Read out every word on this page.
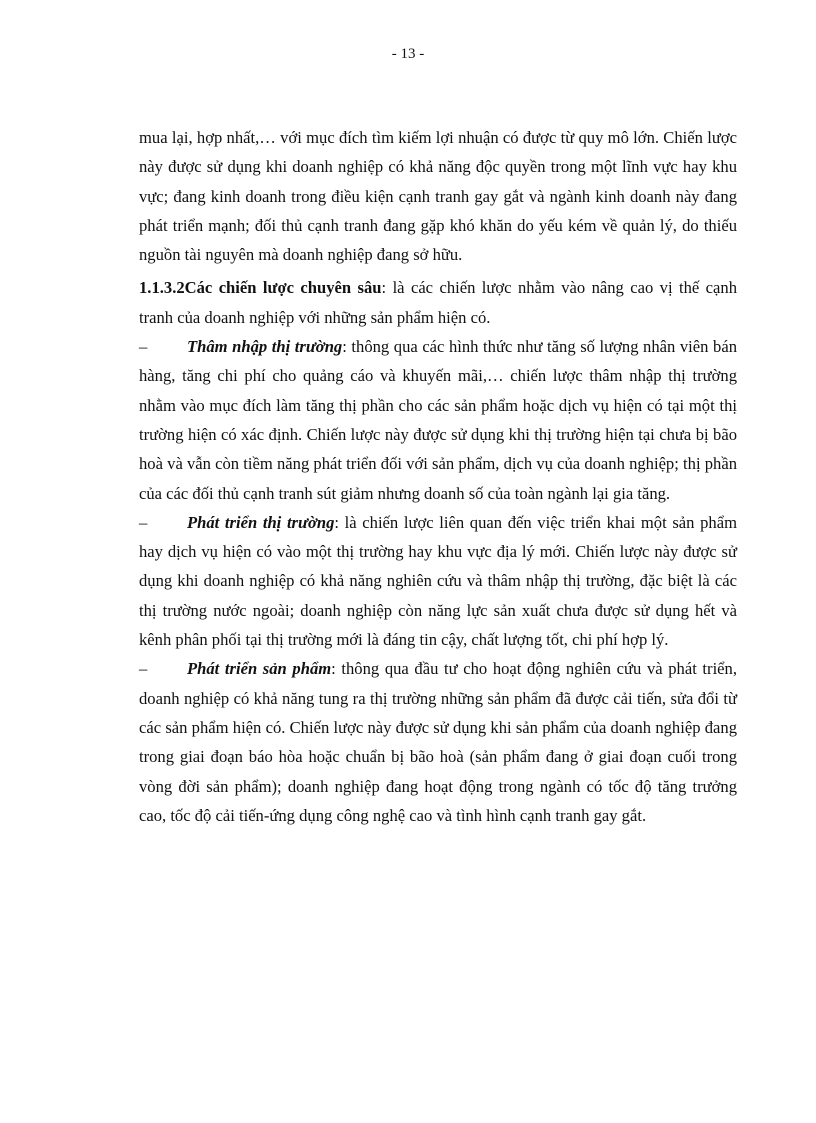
- 13 -

mua lại, hợp nhất,… với mục đích tìm kiếm lợi nhuận có được từ quy mô lớn. Chiến lược này được sử dụng khi doanh nghiệp có khả năng độc quyền trong một lĩnh vực hay khu vực; đang kinh doanh trong điều kiện cạnh tranh gay gắt và ngành kinh doanh này đang phát triển mạnh; đối thủ cạnh tranh đang gặp khó khăn do yếu kém về quản lý, do thiếu nguồn tài nguyên mà doanh nghiệp đang sở hữu.

1.1.3.2Các chiến lược chuyên sâu: là các chiến lược nhằm vào nâng cao vị thế cạnh tranh của doanh nghiệp với những sản phẩm hiện có.

– Thâm nhập thị trường: thông qua các hình thức như tăng số lượng nhân viên bán hàng, tăng chi phí cho quảng cáo và khuyến mãi,… chiến lược thâm nhập thị trường nhằm vào mục đích làm tăng thị phần cho các sản phẩm hoặc dịch vụ hiện có tại một thị trường hiện có xác định. Chiến lược này được sử dụng khi thị trường hiện tại chưa bị bão hoà và vẫn còn tiềm năng phát triển đối với sản phẩm, dịch vụ của doanh nghiệp; thị phần của các đối thủ cạnh tranh sút giảm nhưng doanh số của toàn ngành lại gia tăng.

– Phát triển thị trường: là chiến lược liên quan đến việc triển khai một sản phẩm hay dịch vụ hiện có vào một thị trường hay khu vực địa lý mới. Chiến lược này được sử dụng khi doanh nghiệp có khả năng nghiên cứu và thâm nhập thị trường, đặc biệt là các thị trường nước ngoài; doanh nghiệp còn năng lực sản xuất chưa được sử dụng hết và kênh phân phối tại thị trường mới là đáng tin cậy, chất lượng tốt, chi phí hợp lý.

– Phát triển sản phẩm: thông qua đầu tư cho hoạt động nghiên cứu và phát triển, doanh nghiệp có khả năng tung ra thị trường những sản phẩm đã được cải tiến, sửa đổi từ các sản phẩm hiện có. Chiến lược này được sử dụng khi sản phẩm của doanh nghiệp đang trong giai đoạn báo hòa hoặc chuẩn bị bão hoà (sản phẩm đang ở giai đoạn cuối trong vòng đời sản phẩm); doanh nghiệp đang hoạt động trong ngành có tốc độ tăng trưởng cao, tốc độ cải tiến-ứng dụng công nghệ cao và tình hình cạnh tranh gay gắt.
